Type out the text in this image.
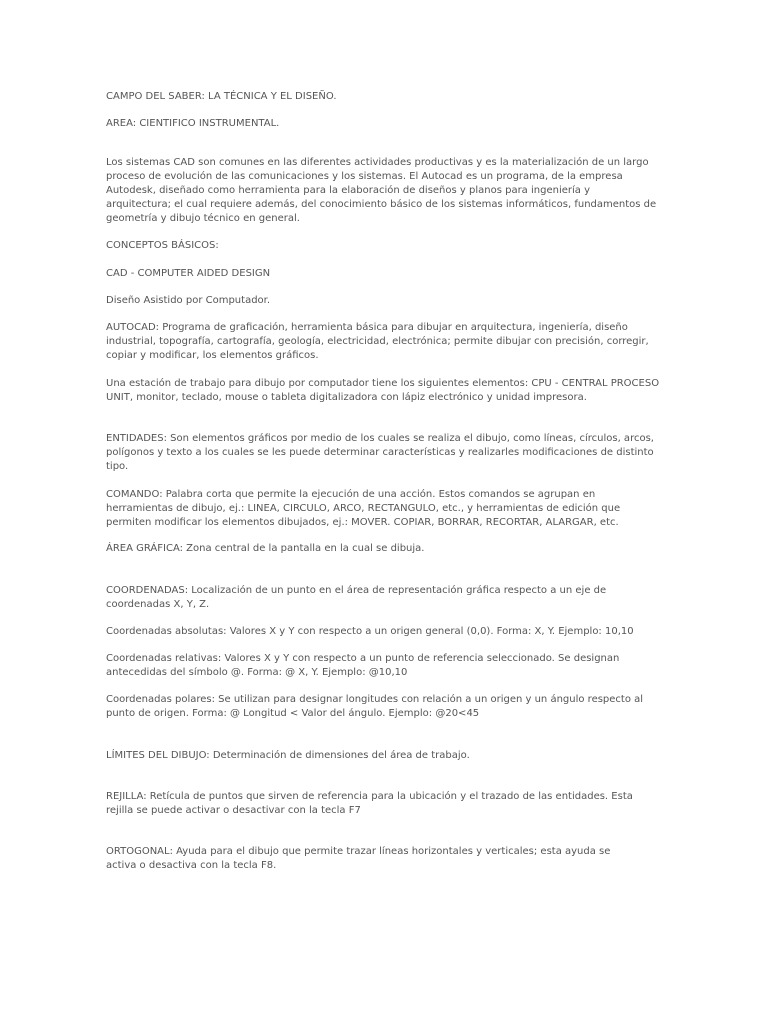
CAMPO DEL SABER: LA TÉCNICA Y EL DISEÑO.

AREA: CIENTIFICO INSTRUMENTAL.

Los sistemas CAD son comunes en las diferentes actividades productivas y es la materialización de un largo proceso de evolución de las comunicaciones y los sistemas. El Autocad es un programa, de la empresa Autodesk, diseñado como herramienta para la elaboración de diseños y planos para ingeniería y arquitectura; el cual requiere además, del conocimiento básico de los sistemas informáticos, fundamentos de geometría y dibujo técnico en general.

CONCEPTOS BÁSICOS:

CAD - COMPUTER AIDED DESIGN

Diseño Asistido por Computador.

AUTOCAD: Programa de graficación, herramienta básica para dibujar en arquitectura, ingeniería, diseño industrial, topografía, cartografía, geología, electricidad, electrónica; permite dibujar con precisión, corregir, copiar y modificar, los elementos gráficos.

Una estación de trabajo para dibujo por computador tiene los siguientes elementos: CPU - CENTRAL PROCESO UNIT, monitor, teclado, mouse o tableta digitalizadora con lápiz electrónico y unidad impresora.

ENTIDADES: Son elementos gráficos por medio de los cuales se realiza el dibujo, como líneas, círculos, arcos, polígonos y texto a los cuales se les puede determinar características y realizarles modificaciones de distinto tipo.

COMANDO: Palabra corta que permite la ejecución de una acción. Estos comandos se agrupan en herramientas de dibujo, ej.: LINEA, CIRCULO, ARCO, RECTANGULO, etc., y herramientas de edición que permiten modificar los elementos dibujados, ej.: MOVER. COPIAR, BORRAR, RECORTAR, ALARGAR, etc.

ÁREA GRÁFICA: Zona central de la pantalla en la cual se dibuja.

COORDENADAS: Localización de un punto en el área de representación gráfica respecto a un eje de coordenadas X, Y, Z.

Coordenadas absolutas: Valores X y Y con respecto a un origen general (0,0). Forma: X, Y. Ejemplo: 10,10

Coordenadas relativas: Valores X y Y con respecto a un punto de referencia seleccionado. Se designan antecedidas del símbolo @. Forma: @ X, Y. Ejemplo: @10,10

Coordenadas polares: Se utilizan para designar longitudes con relación a un origen y un ángulo respecto al punto de origen. Forma: @ Longitud < Valor del ángulo. Ejemplo: @20<45

LÍMITES DEL DIBUJO: Determinación de dimensiones del área de trabajo.

REJILLA: Retícula de puntos que sirven de referencia para la ubicación y el trazado de las entidades. Esta rejilla se puede activar o desactivar con la tecla F7

ORTOGONAL: Ayuda para el dibujo que permite trazar líneas horizontales y verticales; esta ayuda se activa o desactiva con la tecla F8.
